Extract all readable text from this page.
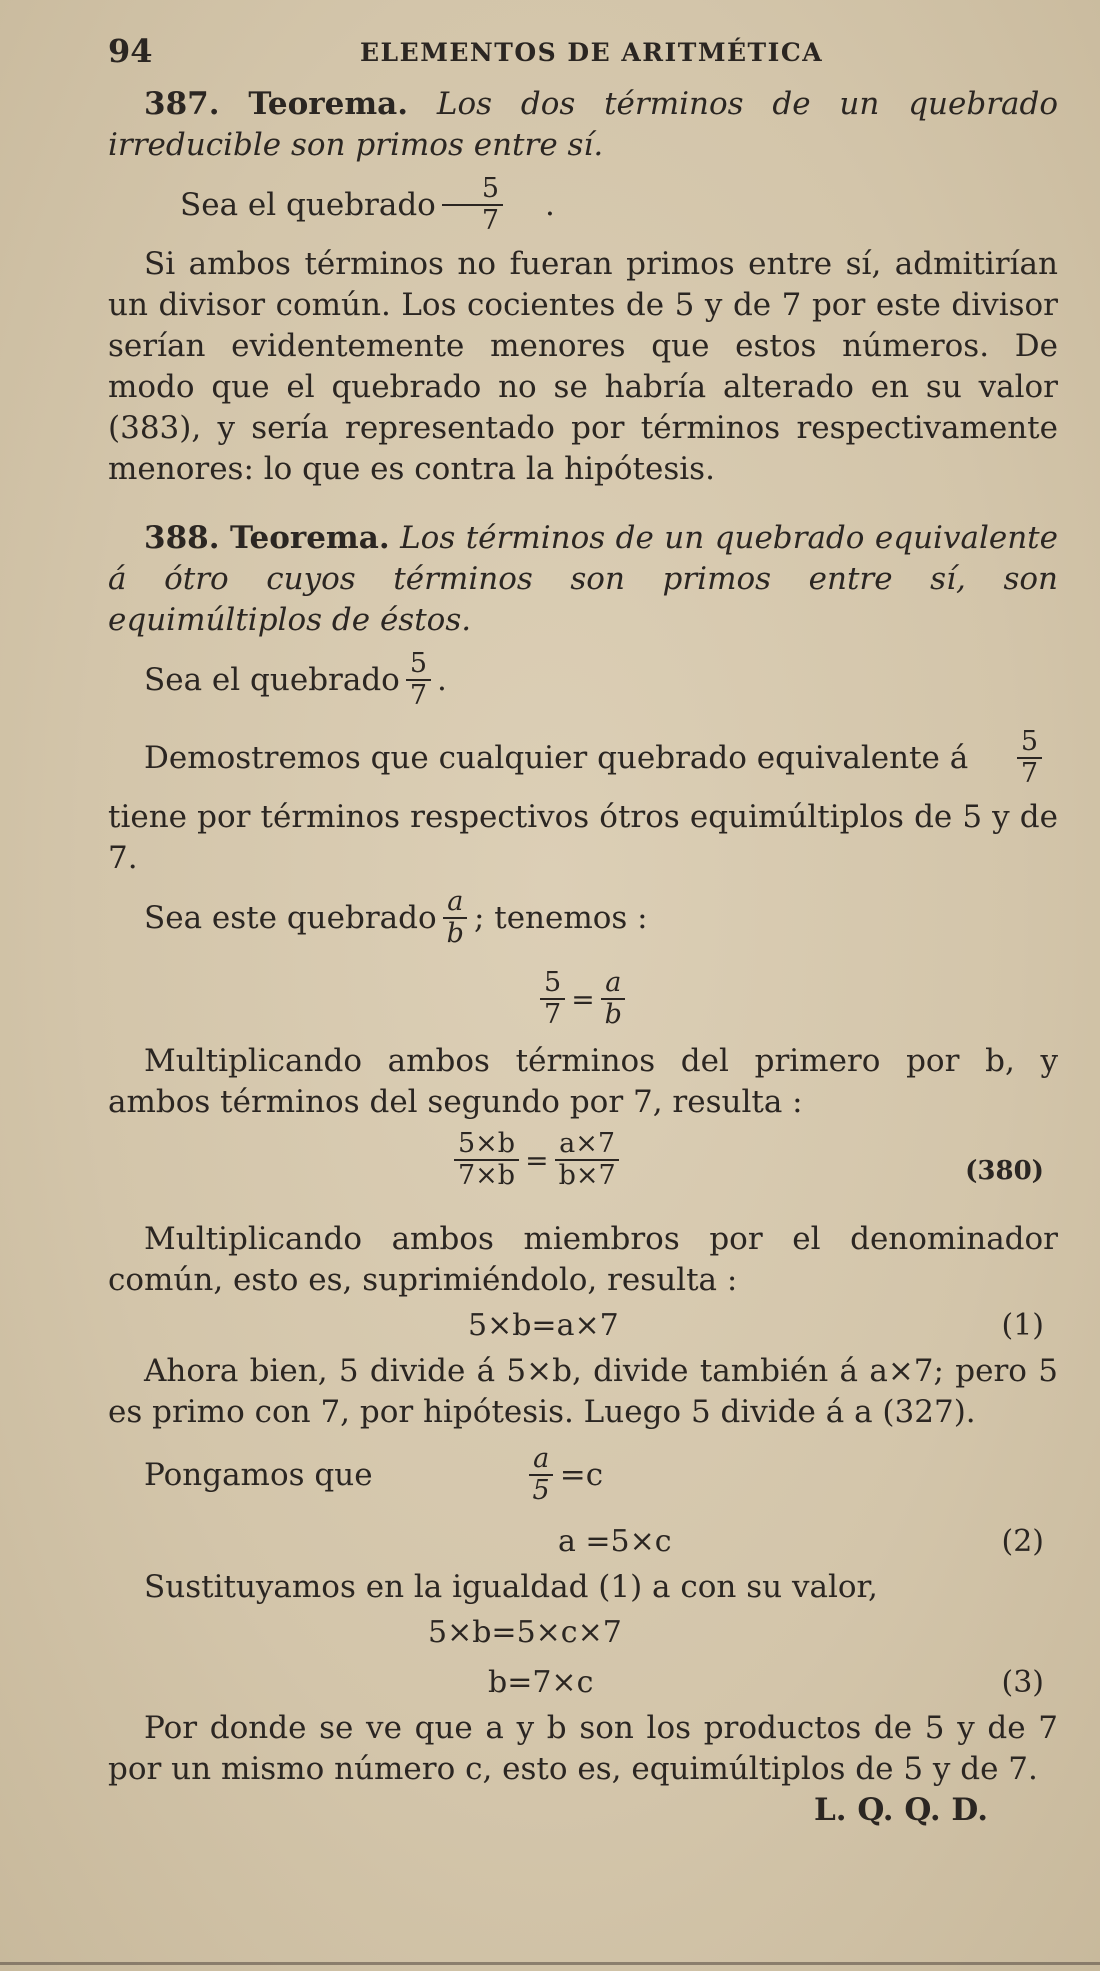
94	ELEMENTOS DE ARITMÉTICA

387. Teorema. Los dos términos de un quebrado irreducible son primos entre sí.

Sea el quebrado $\frac{5}{7}$	.

Si ambos términos no fueran primos entre sí, admitirían un divisor común. Los cocientes de 5 y de 7 por este divisor serían evidentemente menores que estos números. De modo que el quebrado no se habría alterado en su valor (383), y sería representado por términos respectivamente menores: lo que es contra la hipótesis.

388. Teorema. Los términos de un quebrado equivalente á ótro cuyos términos son primos entre sí, son equimúltiplos de éstos.

Sea el quebrado $\frac{5}{7}$ .
Demostremos que cualquier quebrado equivalente á $\frac{5}{7}$

tiene por términos respectivos ótros equimúltiplos de 5 y de 7.

Sea este quebrado $\frac{a}{b}$ ; tenemos :
$\frac{5}{7} = \frac{a}{b}$

Multiplicando ambos términos del primero por b, y ambos términos del segundo por 7, resulta :

$\frac{5\times b}{7\times b} = \frac{a\times 7}{b\times 7}$	(380)

Multiplicando ambos miembros por el denominador común, esto es, suprimiéndolo, resulta :

5×b=a×7	(1)

Ahora bien, 5 divide á 5×b, divide también á a×7; pero 5 es primo con 7, por hipótesis. Luego 5 divide á a (327).

Pongamos que	$\frac{a}{5} =c$
a =5×c	(2)

Sustituyamos en la igualdad (1) a con su valor,

5×b=5×c×7
b=7×c	(3)

Por donde se ve que a y b son los productos de 5 y de 7 por un mismo número c, esto es, equimúltiplos de 5 y de 7.

L. Q. Q. D.
